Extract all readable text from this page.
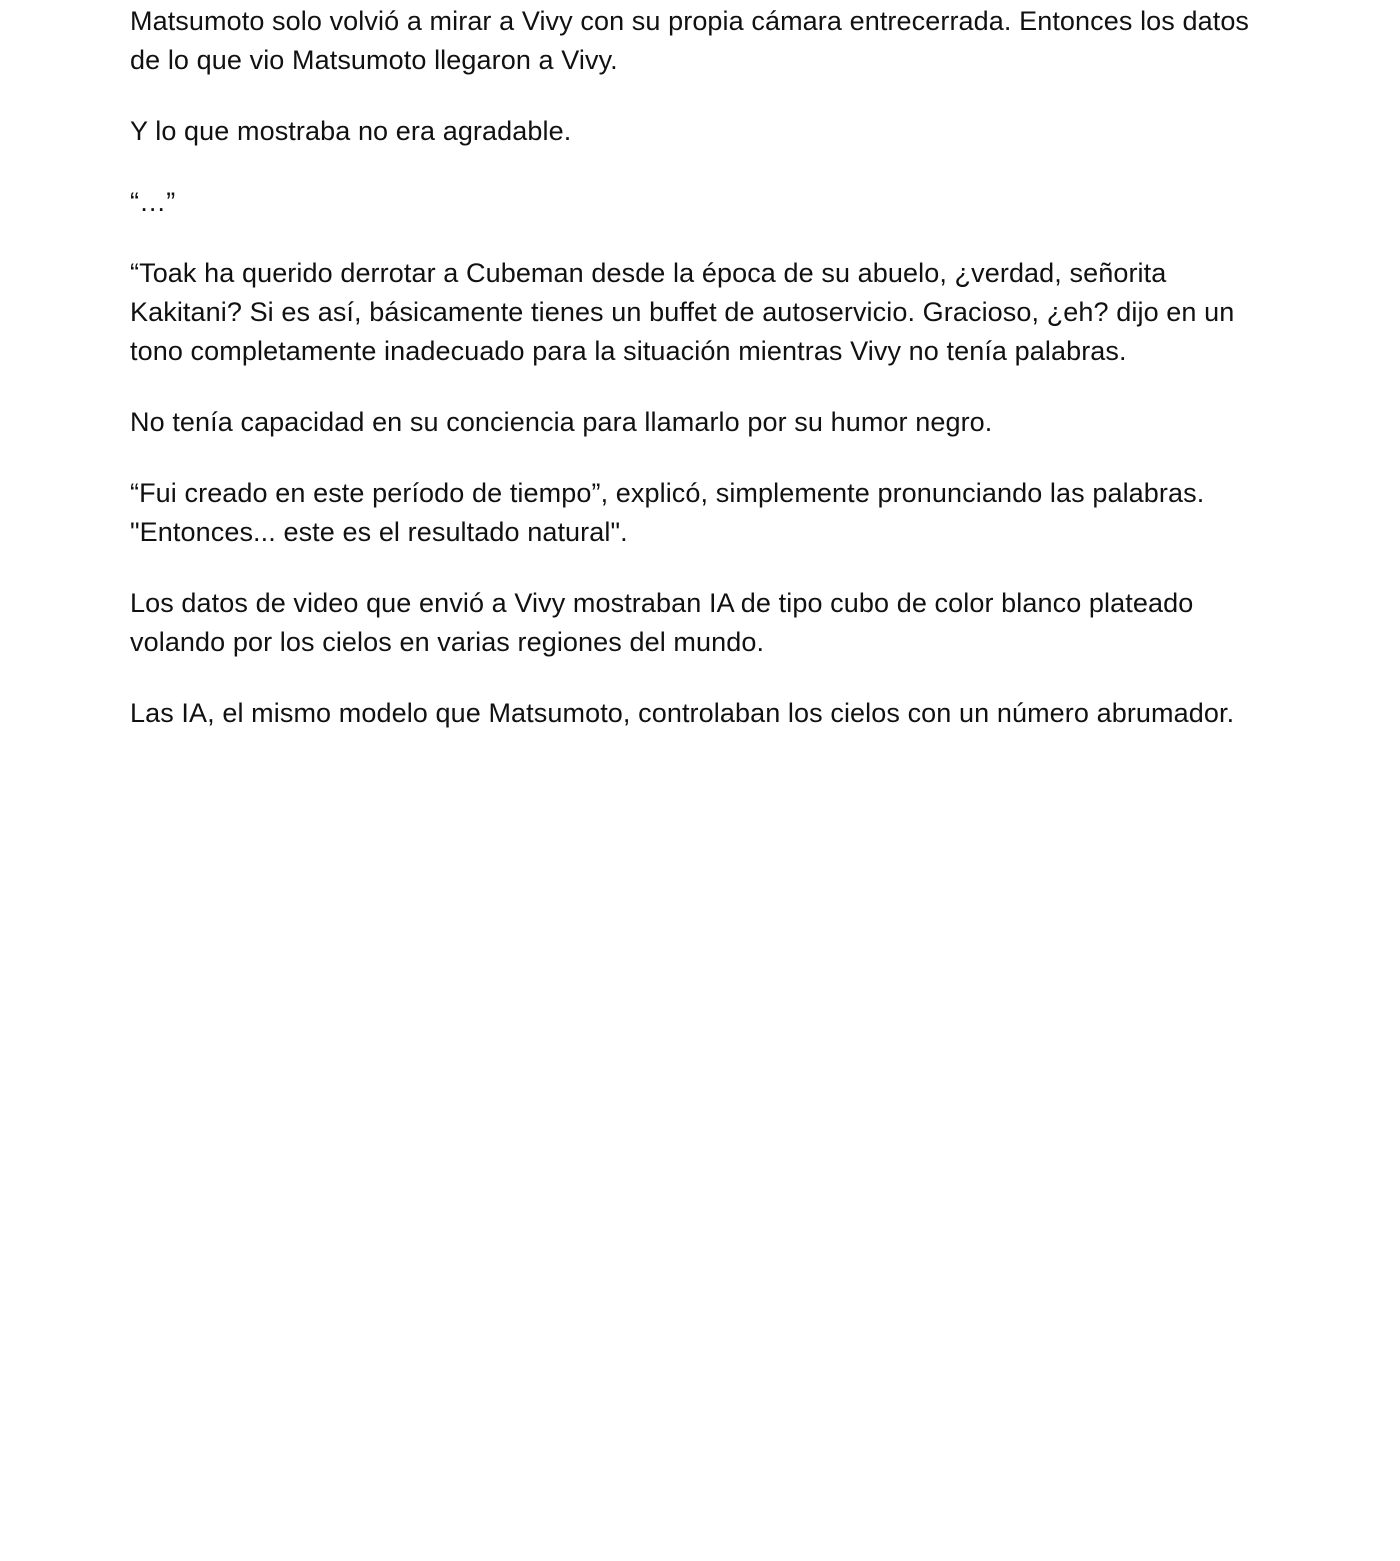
Matsumoto solo volvió a mirar a Vivy con su propia cámara entrecerrada. Entonces los datos de lo que vio Matsumoto llegaron a Vivy.

Y lo que mostraba no era agradable.

“…”

“Toak ha querido derrotar a Cubeman desde la época de su abuelo, ¿verdad, señorita Kakitani? Si es así, básicamente tienes un buffet de autoservicio. Gracioso, ¿eh? dijo en un tono completamente inadecuado para la situación mientras Vivy no tenía palabras.

No tenía capacidad en su conciencia para llamarlo por su humor negro.

“Fui creado en este período de tiempo”, explicó, simplemente pronunciando las palabras. "Entonces... este es el resultado natural".

Los datos de video que envió a Vivy mostraban IA de tipo cubo de color blanco plateado volando por los cielos en varias regiones del mundo.

Las IA, el mismo modelo que Matsumoto, controlaban los cielos con un número abrumador.
